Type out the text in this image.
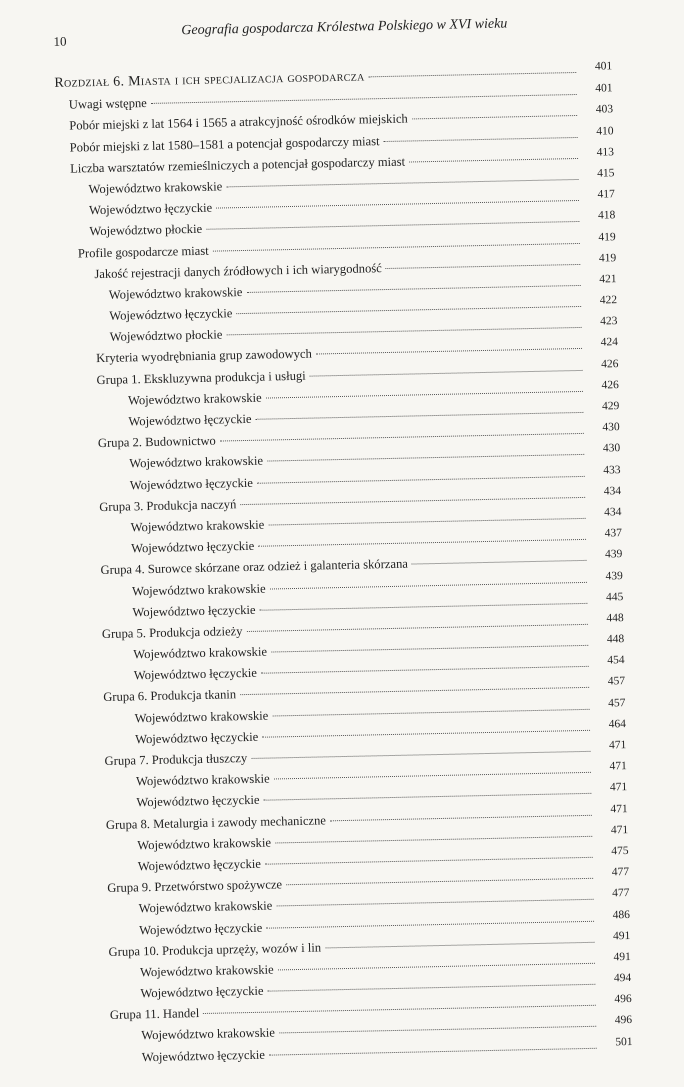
10
Geografia gospodarcza Królestwa Polskiego w XVI wieku
Rozdział 6. Miasta i ich specjalizacja gospodarcza
401
Uwagi wstępne
401
Pobór miejski z lat 1564 i 1565 a atrakcyjność ośrodków miejskich
403
Pobór miejski z lat 1580–1581 a potencjał gospodarczy miast
410
Liczba warsztatów rzemieślniczych a potencjał gospodarczy miast
413
Województwo krakowskie
415
Województwo łęczyckie
417
Województwo płockie
418
Profile gospodarcze miast
419
Jakość rejestracji danych źródłowych i ich wiarygodność
419
Województwo krakowskie
421
Województwo łęczyckie
422
Województwo płockie
423
Kryteria wyodrębniania grup zawodowych
424
Grupa 1. Ekskluzywna produkcja i usługi
426
Województwo krakowskie
426
Województwo łęczyckie
429
Grupa 2. Budownictwo
430
Województwo krakowskie
430
Województwo łęczyckie
433
Grupa 3. Produkcja naczyń
434
Województwo krakowskie
434
Województwo łęczyckie
437
Grupa 4. Surowce skórzane oraz odzież i galanteria skórzana
439
Województwo krakowskie
439
Województwo łęczyckie
445
Grupa 5. Produkcja odzieży
448
Województwo krakowskie
448
Województwo łęczyckie
454
Grupa 6. Produkcja tkanin
457
Województwo krakowskie
457
Województwo łęczyckie
464
Grupa 7. Produkcja tłuszczy
471
Województwo krakowskie
471
Województwo łęczyckie
471
Grupa 8. Metalurgia i zawody mechaniczne
471
Województwo krakowskie
471
Województwo łęczyckie
475
Grupa 9. Przetwórstwo spożywcze
477
Województwo krakowskie
477
Województwo łęczyckie
486
Grupa 10. Produkcja uprzęży, wozów i lin
491
Województwo krakowskie
491
Województwo łęczyckie
494
Grupa 11. Handel
496
Województwo krakowskie
496
Województwo łęczyckie
501
